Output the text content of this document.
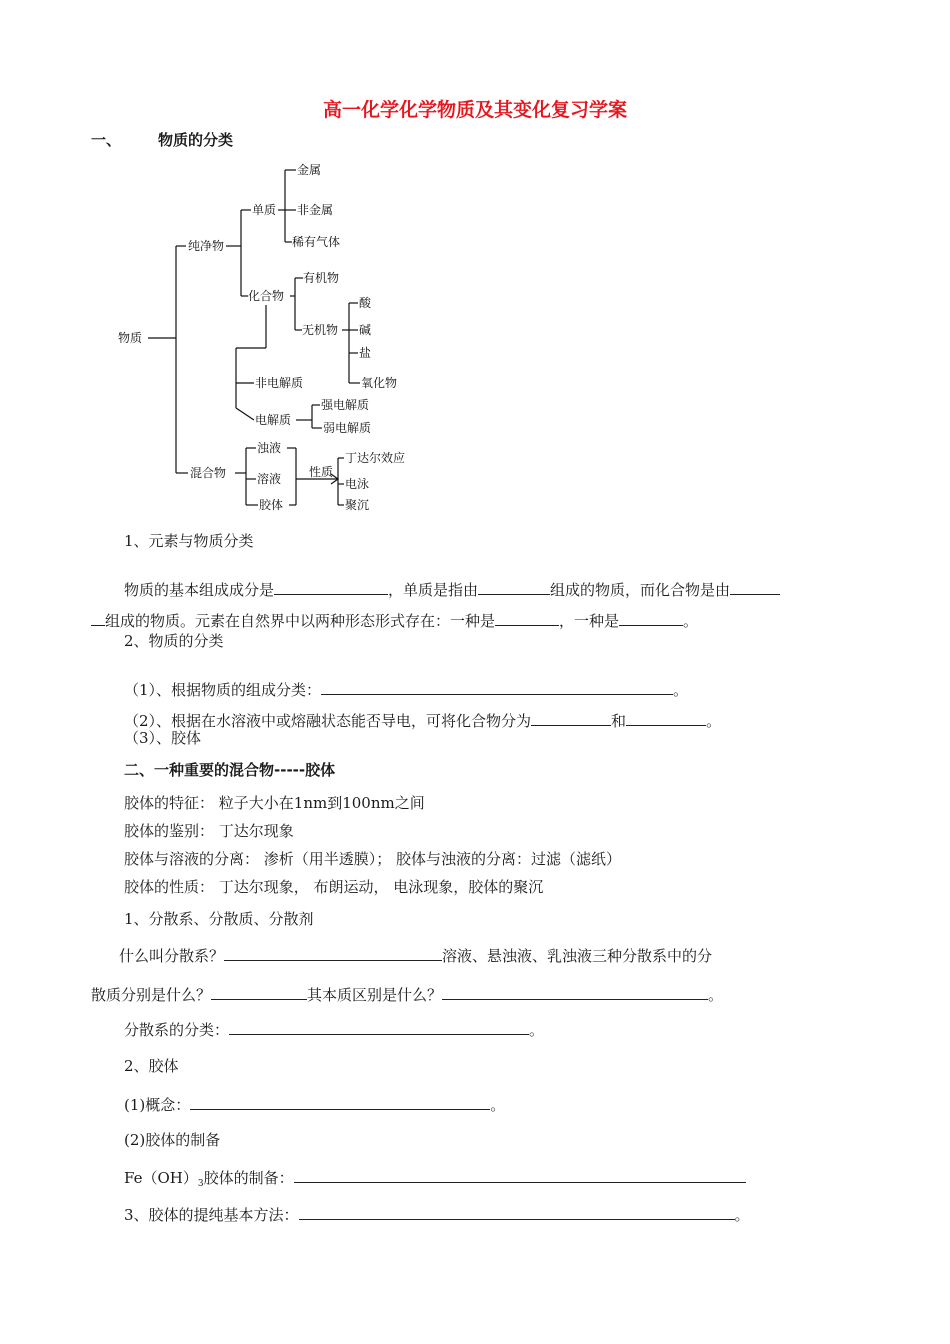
高一化学化学物质及其变化复习学案
一、 物质的分类
物质
纯净物
单质
金属
非金属
稀有气体
化合物
有机物
无机物
酸
碱
盐
氧化物
非电解质
电解质
强电解质
弱电解质
混合物
浊液
溶液
胶体
性质
丁达尔效应
电泳
聚沉
1、元素与物质分类
物质的基本组成成分是	，单质是指由	组成的物质，而化合物是由
组成的物质。元素在自然界中以两种形态形式存在：一种是	，一种是	。
2、物质的分类
（1）、根据物质的组成分类：	。
（2）、根据在水溶液中或熔融状态能否导电，可将化合物分为	和	。
（3）、胶体
二、一种重要的混合物-----胶体
胶体的特征： 粒子大小在1nm到100nm之间
胶体的鉴别： 丁达尔现象
胶体与溶液的分离： 渗析（用半透膜）； 胶体与浊液的分离：过滤（滤纸）
胶体的性质： 丁达尔现象， 布朗运动， 电泳现象，胶体的聚沉
1、分散系、分散质、分散剂
什么叫分散系？	溶液、悬浊液、乳浊液三种分散系中的分
散质分别是什么？	其本质区别是什么？	。
分散系的分类：	。
2、胶体
(1)概念：	。
(2)胶体的制备
$Fe(OH)_3$胶体的制备：
3、胶体的提纯基本方法：	。
